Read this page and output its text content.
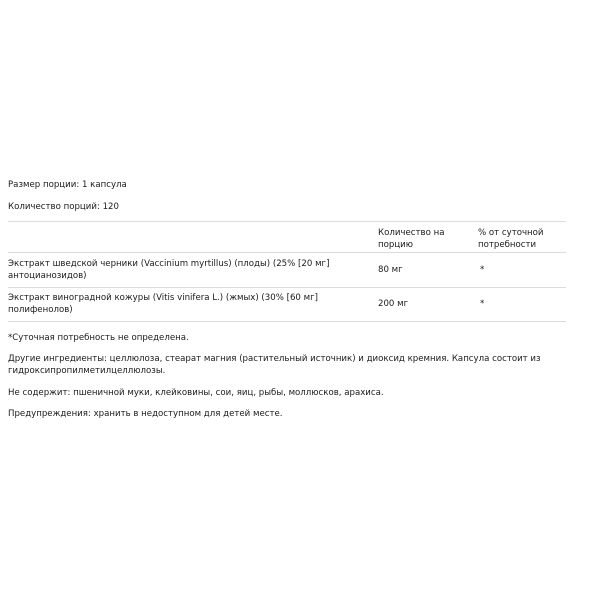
Размер порции: 1 капсула
Количество порций: 120
Количество на порцию
% от суточной потребности
Экстракт шведской черники (Vaccinium myrtillus) (плоды) (25% [20 мг]
антоцианозидов)
80 мг	*
Экстракт виноградной кожуры (Vitis vinifera L.) (жмых) (30% [60 мг]
полифенолов)
200 мг	*
*Суточная потребность не определена.
Другие ингредиенты: целлюлоза, стеарат магния (растительный источник) и диоксид кремния. Капсула состоит из гидроксипропилметилцеллюлозы.
Не содержит: пшеничной муки, клейковины, сои, яиц, рыбы, моллюсков, арахиса.
Предупреждения: хранить в недоступном для детей месте.
